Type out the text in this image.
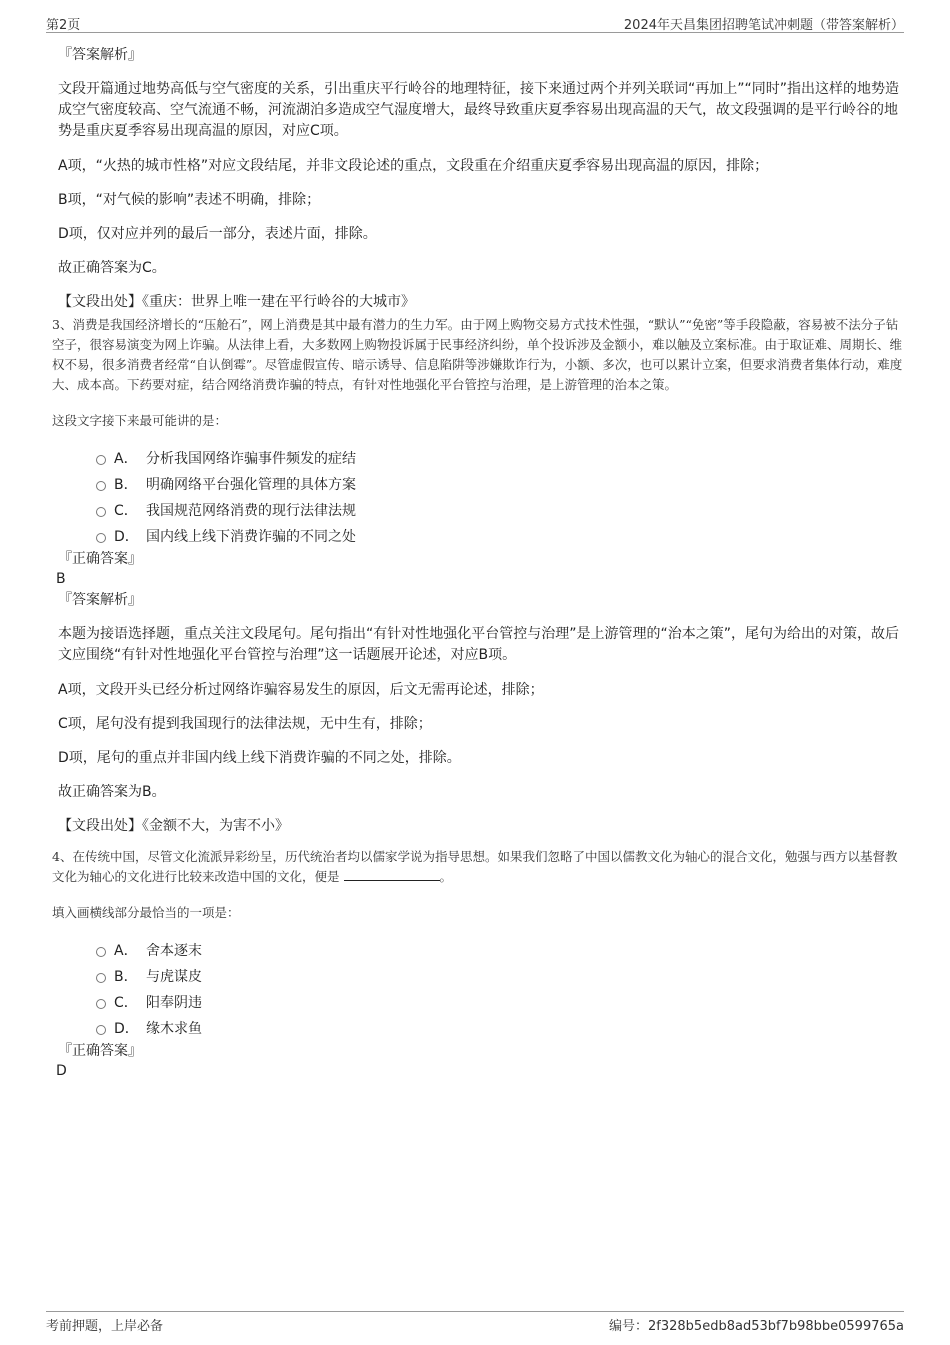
第2页	2024年天昌集团招聘笔试冲刺题（带答案解析）

『答案解析』

文段开篇通过地势高低与空气密度的关系，引出重庆平行岭谷的地理特征，接下来通过两个并列关联词“再加上”“同时”指出这样的地势造成空气密度较高、空气流通不畅，河流湖泊多造成空气湿度增大，最终导致重庆夏季容易出现高温的天气，故文段强调的是平行岭谷的地势是重庆夏季容易出现高温的原因，对应C项。

A项，“火热的城市性格”对应文段结尾，并非文段论述的重点，文段重在介绍重庆夏季容易出现高温的原因，排除；

B项，“对气候的影响”表述不明确，排除；

D项，仅对应并列的最后一部分，表述片面，排除。

故正确答案为C。

【文段出处】《重庆：世界上唯一建在平行岭谷的大城市》

3、消费是我国经济增长的“压舱石”，网上消费是其中最有潜力的生力军。由于网上购物交易方式技术性强，“默认”“免密”等手段隐蔽，容易被不法分子钻空子，很容易演变为网上诈骗。从法律上看，大多数网上购物投诉属于民事经济纠纷，单个投诉涉及金额小，难以触及立案标准。由于取证难、周期长、维权不易，很多消费者经常“自认倒霉”。尽管虚假宣传、暗示诱导、信息陷阱等涉嫌欺诈行为，小额、多次，也可以累计立案，但要求消费者集体行动，难度大、成本高。下药要对症，结合网络消费诈骗的特点，有针对性地强化平台管控与治理，是上游管理的治本之策。

这段文字接下来最可能讲的是：

A． 分析我国网络诈骗事件频发的症结
B． 明确网络平台强化管理的具体方案
C． 我国规范网络消费的现行法律法规
D． 国内线上线下消费诈骗的不同之处

『正确答案』

B

『答案解析』

本题为接语选择题，重点关注文段尾句。尾句指出“有针对性地强化平台管控与治理”是上游管理的“治本之策”，尾句为给出的对策，故后文应围绕“有针对性地强化平台管控与治理”这一话题展开论述，对应B项。

A项，文段开头已经分析过网络诈骗容易发生的原因，后文无需再论述，排除；

C项，尾句没有提到我国现行的法律法规，无中生有，排除；

D项，尾句的重点并非国内线上线下消费诈骗的不同之处，排除。

故正确答案为B。

【文段出处】《金额不大，为害不小》

4、在传统中国，尽管文化流派异彩纷呈，历代统治者均以儒家学说为指导思想。如果我们忽略了中国以儒教文化为轴心的混合文化，勉强与西方以基督教文化为轴心的文化进行比较来改造中国的文化，便是	。

填入画横线部分最恰当的一项是：

A． 舍本逐末
B． 与虎谋皮
C． 阳奉阴违
D． 缘木求鱼

『正确答案』

D

考前押题，上岸必备	编号：2f328b5edb8ad53bf7b98bbe0599765a
